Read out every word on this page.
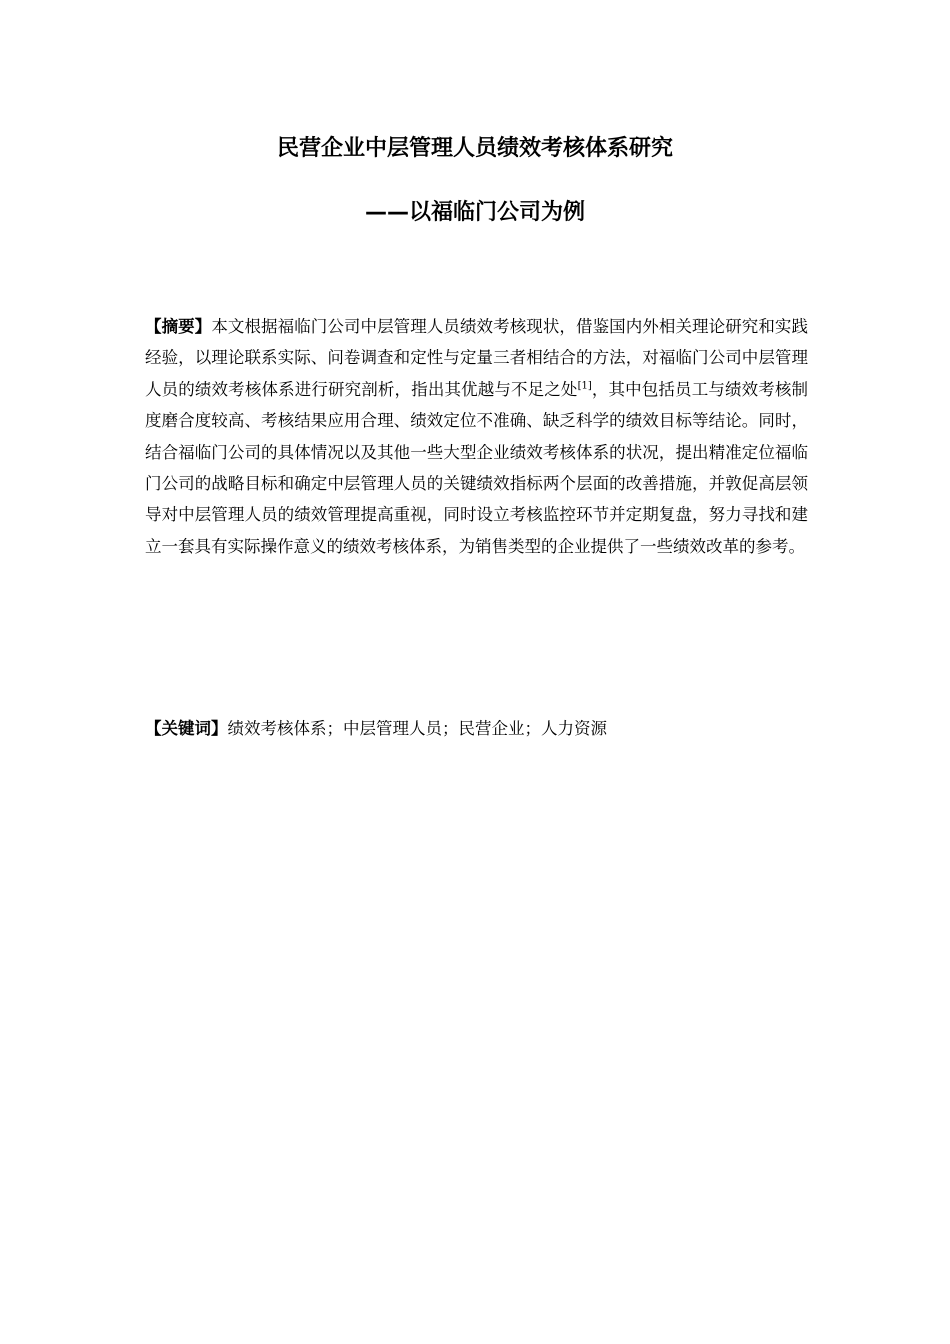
民营企业中层管理人员绩效考核体系研究
——以福临门公司为例

【摘要】本文根据福临门公司中层管理人员绩效考核现状，借鉴国内外相关理论研究和实践经验，以理论联系实际、问卷调查和定性与定量三者相结合的方法，对福临门公司中层管理人员的绩效考核体系进行研究剖析，指出其优越与不足之处[1]，其中包括员工与绩效考核制度磨合度较高、考核结果应用合理、绩效定位不准确、缺乏科学的绩效目标等结论。同时，结合福临门公司的具体情况以及其他一些大型企业绩效考核体系的状况，提出精准定位福临门公司的战略目标和确定中层管理人员的关键绩效指标两个层面的改善措施，并敦促高层领导对中层管理人员的绩效管理提高重视，同时设立考核监控环节并定期复盘，努力寻找和建立一套具有实际操作意义的绩效考核体系，为销售类型的企业提供了一些绩效改革的参考。

【关键词】绩效考核体系；中层管理人员；民营企业；人力资源
